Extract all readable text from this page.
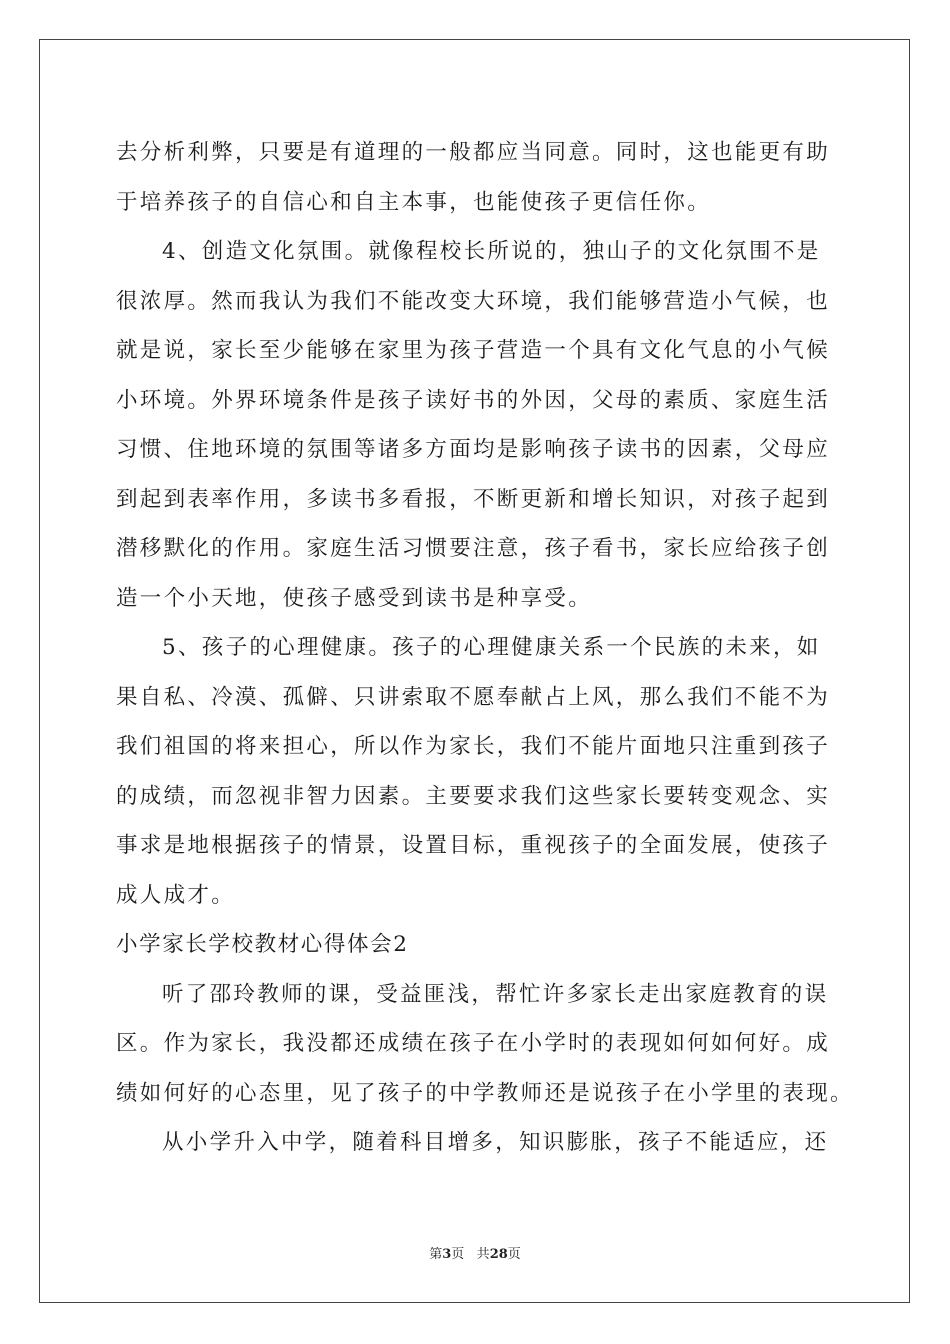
去分析利弊，只要是有道理的一般都应当同意。同时，这也能更有助
于培养孩子的自信心和自主本事，也能使孩子更信任你。
4、创造文化氛围。就像程校长所说的，独山子的文化氛围不是
很浓厚。然而我认为我们不能改变大环境，我们能够营造小气候，也
就是说，家长至少能够在家里为孩子营造一个具有文化气息的小气候
小环境。外界环境条件是孩子读好书的外因，父母的素质、家庭生活
习惯、住地环境的氛围等诸多方面均是影响孩子读书的因素，父母应
到起到表率作用，多读书多看报，不断更新和增长知识，对孩子起到
潜移默化的作用。家庭生活习惯要注意，孩子看书，家长应给孩子创
造一个小天地，使孩子感受到读书是种享受。
5、孩子的心理健康。孩子的心理健康关系一个民族的未来，如
果自私、冷漠、孤僻、只讲索取不愿奉献占上风，那么我们不能不为
我们祖国的将来担心，所以作为家长，我们不能片面地只注重到孩子
的成绩，而忽视非智力因素。主要要求我们这些家长要转变观念、实
事求是地根据孩子的情景，设置目标，重视孩子的全面发展，使孩子
成人成才。
小学家长学校教材心得体会2
听了邵玲教师的课，受益匪浅，帮忙许多家长走出家庭教育的误
区。作为家长，我没都还成绩在孩子在小学时的表现如何如何好。成
绩如何好的心态里，见了孩子的中学教师还是说孩子在小学里的表现。
从小学升入中学，随着科目增多，知识膨胀，孩子不能适应，还
第3页 共28页
